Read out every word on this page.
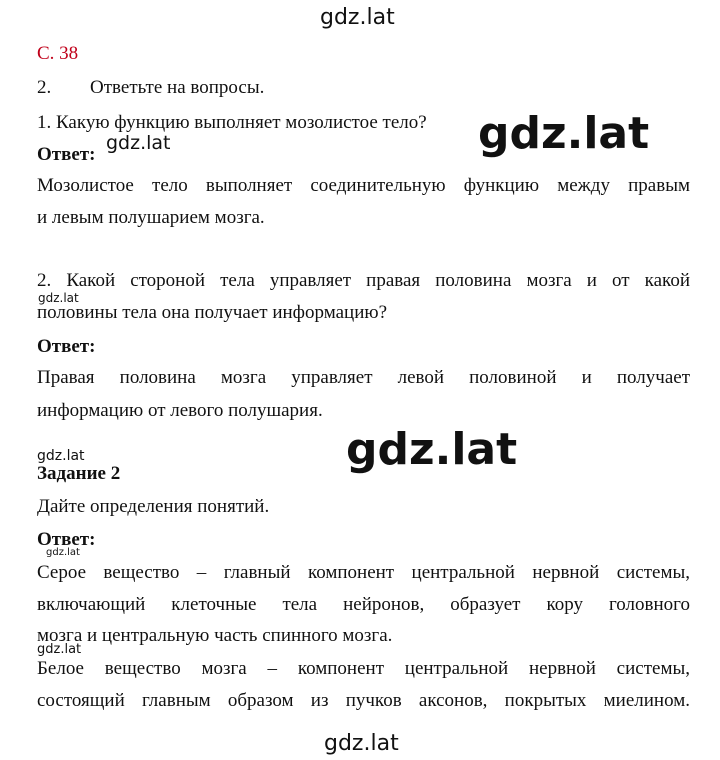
gdz.lat
gdz.lat
gdz.lat
gdz.lat
gdz.lat
gdz.lat
gdz.lat
gdz.lat
gdz.lat
С. 38
2. Ответьте на вопросы.
1. Какую функцию выполняет мозолистое тело?
Ответ:
Мозолистое тело выполняет соединительную функцию между правым
и левым полушарием мозга.
2. Какой стороной тела управляет правая половина мозга и от какой
половины тела она получает информацию?
Ответ:
Правая половина мозга управляет левой половиной и получает
информацию от левого полушария.
Задание 2
Дайте определения понятий.
Ответ:
Серое вещество – главный компонент центральной нервной системы,
включающий клеточные тела нейронов, образует кору головного
мозга и центральную часть спинного мозга.
Белое вещество мозга – компонент центральной нервной системы,
состоящий главным образом из пучков аксонов, покрытых миелином.
